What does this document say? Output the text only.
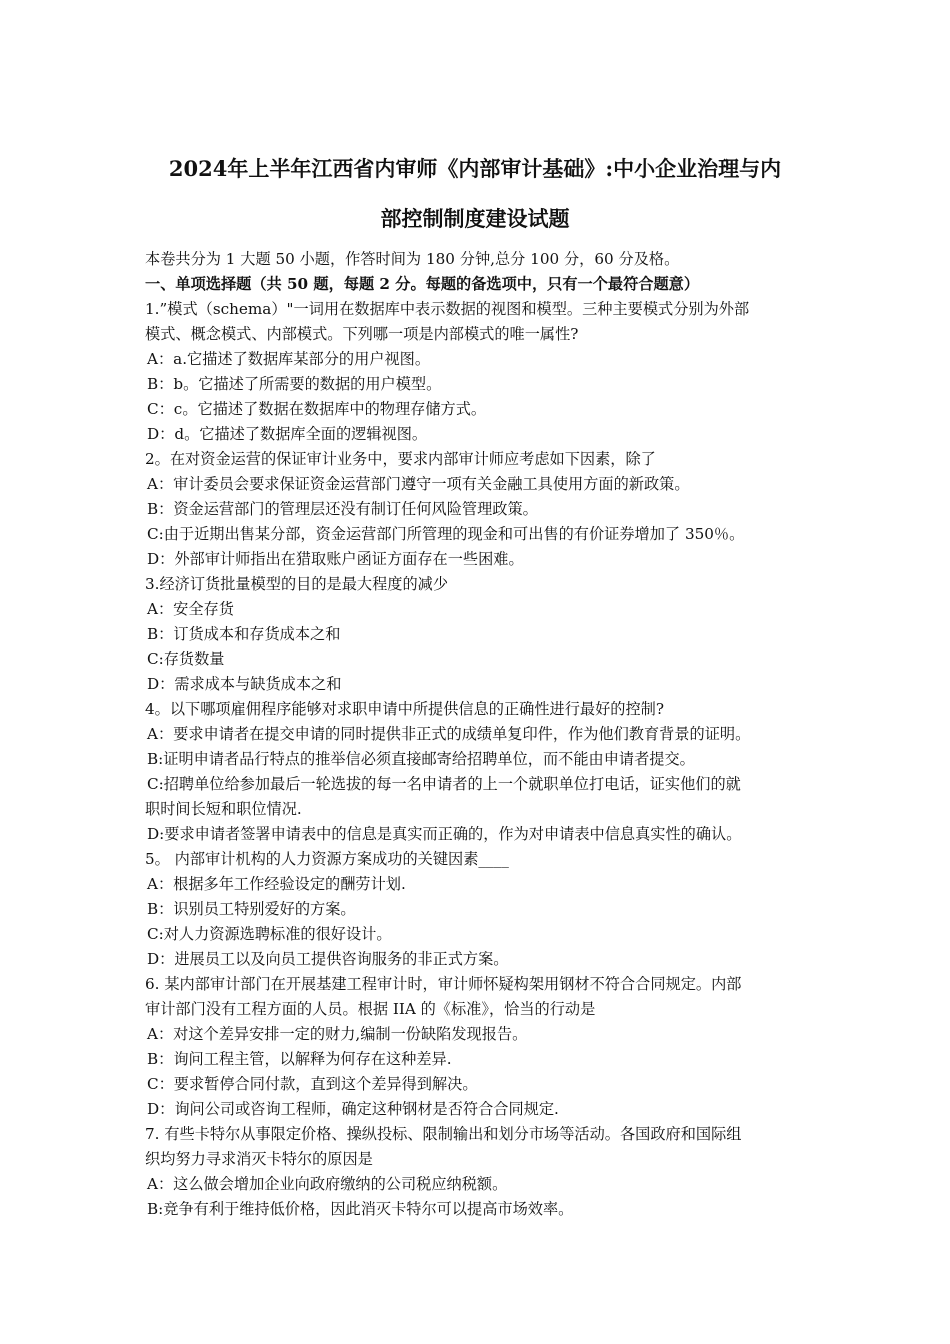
2024年上半年江西省内审师《内部审计基础》:中小企业治理与内
部控制制度建设试题
本卷共分为 1 大题 50 小题，作答时间为 180 分钟,总分 100 分，60 分及格。
一、单项选择题（共 50 题，每题 2 分。每题的备选项中，只有一个最符合题意）
1.”模式（schema）"一词用在数据库中表示数据的视图和模型。三种主要模式分别为外部
模式、概念模式、内部模式。下列哪一项是内部模式的唯一属性?
A：a.它描述了数据库某部分的用户视图。
B：b。它描述了所需要的数据的用户模型。
C：c。它描述了数据在数据库中的物理存储方式。
D：d。它描述了数据库全面的逻辑视图。
2。在对资金运营的保证审计业务中，要求内部审计师应考虑如下因素，除了
A：审计委员会要求保证资金运营部门遵守一项有关金融工具使用方面的新政策。
B：资金运营部门的管理层还没有制订任何风险管理政策。
C:由于近期出售某分部，资金运营部门所管理的现金和可出售的有价证券增加了 350％。
D：外部审计师指出在猎取账户函证方面存在一些困难。
3.经济订货批量模型的目的是最大程度的减少
A：安全存货
B：订货成本和存货成本之和
C:存货数量
D：需求成本与缺货成本之和
4。以下哪项雇佣程序能够对求职申请中所提供信息的正确性进行最好的控制?
A：要求申请者在提交申请的同时提供非正式的成绩单复印件，作为他们教育背景的证明。
B:证明申请者品行特点的推举信必须直接邮寄给招聘单位，而不能由申请者提交。
C:招聘单位给参加最后一轮选拔的每一名申请者的上一个就职单位打电话，证实他们的就
职时间长短和职位情况.
D:要求申请者签署申请表中的信息是真实而正确的，作为对申请表中信息真实性的确认。
5。 内部审计机构的人力资源方案成功的关键因素____
A：根据多年工作经验设定的酬劳计划.
B：识别员工特别爱好的方案。
C:对人力资源选聘标准的很好设计。
D：进展员工以及向员工提供咨询服务的非正式方案。
6. 某内部审计部门在开展基建工程审计时，审计师怀疑构架用钢材不符合合同规定。内部
审计部门没有工程方面的人员。根据 IIA 的《标准》，恰当的行动是
A：对这个差异安排一定的财力,编制一份缺陷发现报告。
B：询问工程主管，以解释为何存在这种差异.
C：要求暂停合同付款，直到这个差异得到解决。
D：询问公司或咨询工程师，确定这种钢材是否符合合同规定.
7. 有些卡特尔从事限定价格、操纵投标、限制输出和划分市场等活动。各国政府和国际组
织均努力寻求消灭卡特尔的原因是
A：这么做会增加企业向政府缴纳的公司税应纳税额。
B:竞争有利于维持低价格，因此消灭卡特尔可以提高市场效率。
